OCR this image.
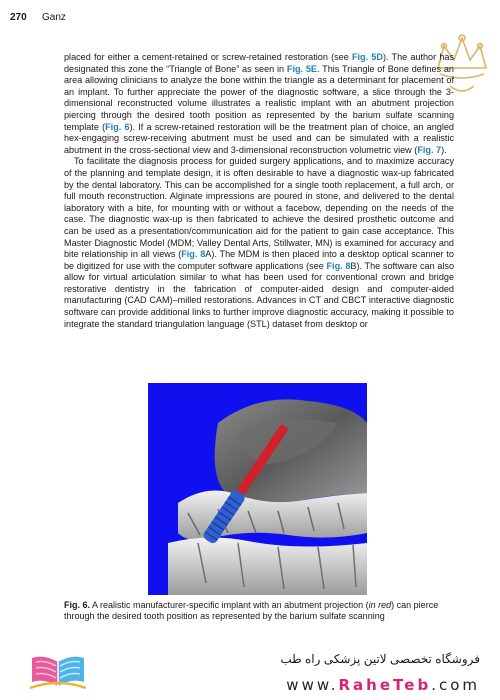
270 Ganz

placed for either a cement-retained or screw-retained restoration (see Fig. 5D). The author has designated this zone the “Triangle of Bone” as seen in Fig. 5E. This Triangle of Bone defines an area allowing clinicians to analyze the bone within the triangle as a determinant for placement of an implant. To further appreciate the power of the diagnostic software, a slice through the 3-dimensional reconstructed volume illustrates a realistic implant with an abutment projection piercing through the desired tooth position as represented by the barium sulfate scanning template (Fig. 6). If a screw-retained restoration will be the treatment plan of choice, an angled hex-engaging screw-receiving abutment must be used and can be simulated with a realistic abutment in the cross-sectional view and 3-dimensional reconstruction volumetric view (Fig. 7).

To facilitate the diagnosis process for guided surgery applications, and to maximize accuracy of the planning and template design, it is often desirable to have a diagnostic wax-up fabricated by the dental laboratory. This can be accomplished for a single tooth replacement, a full arch, or full mouth reconstruction. Alginate impressions are poured in stone, and delivered to the dental laboratory with a bite, for mounting with or without a facebow, depending on the needs of the case. The diagnostic wax-up is then fabricated to achieve the desired prosthetic outcome and can be used as a presentation/communication aid for the patient to gain case acceptance. This Master Diagnostic Model (MDM; Valley Dental Arts, Stillwater, MN) is examined for accuracy and bite relationship in all views (Fig. 8A). The MDM is then placed into a desktop optical scanner to be digitized for use with the computer software applications (see Fig. 8B). The software can also allow for virtual articulation similar to what has been used for conventional crown and bridge restorative dentistry in the fabrication of computer-aided design and computer-aided manufacturing (CAD CAM)–milled restorations. Advances in CT and CBCT interactive diagnostic software can provide additional links to further improve diagnostic accuracy, making it possible to integrate the standard triangulation language (STL) dataset from desktop or

Fig. 6. A realistic manufacturer-specific implant with an abutment projection (in red) can pierce through the desired tooth position as represented by the barium sulfate scanning
فروشگاه تخصصی لاتین پزشکی راه طب
www.RaheTeb.com
